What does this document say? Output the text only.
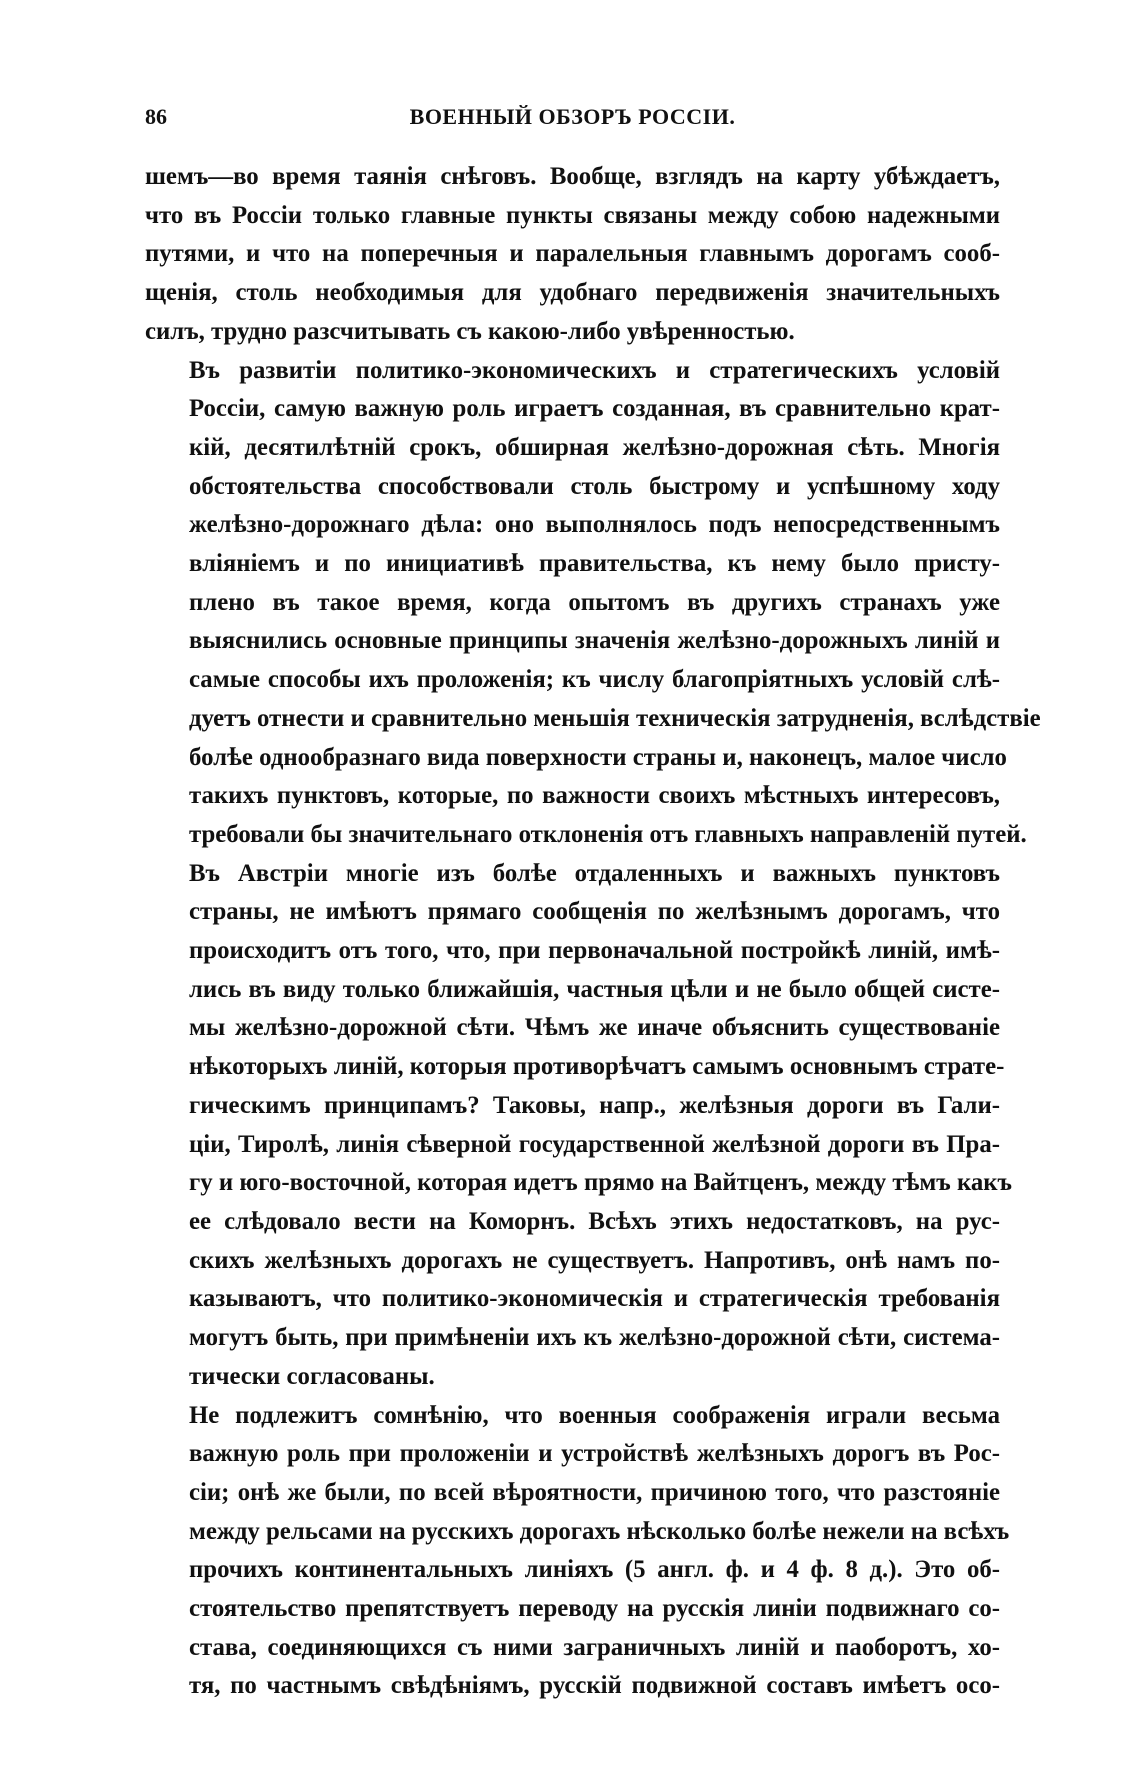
86	ВОЕННЫЙ ОБЗОРЪ РОССІИ.
шемъ—во время таянія снѣговъ. Вообще, взглядъ на карту убѣждаетъ,
что въ Россіи только главные пункты связаны между собою надежными
путями, и что на поперечныя и паралельныя главнымъ дорогамъ сооб-
щенія, столь необходимыя для удобнаго передвиженія значительныхъ
силъ, трудно разсчитывать съ какою-либо увѣренностью.
Въ развитіи политико-экономическихъ и стратегическихъ условій
Россіи, самую важную роль играетъ созданная, въ сравнительно крат-
кій, десятилѣтній срокъ, обширная желѣзно-дорожная сѣть. Многія
обстоятельства способствовали столь быстрому и успѣшному ходу
желѣзно-дорожнаго дѣла: оно выполнялось подъ непосредственнымъ
вліяніемъ и по инициативѣ правительства, къ нему было присту-
плено въ такое время, когда опытомъ въ другихъ странахъ уже
выяснились основные принципы значенія желѣзно-дорожныхъ линій и
самые способы ихъ проложенія; къ числу благопріятныхъ условій слѣ-
дуетъ отнести и сравнительно меньшія техническія затрудненія, вслѣдствіе
болѣе однообразнаго вида поверхности страны и, наконецъ, малое число
такихъ пунктовъ, которые, по важности своихъ мѣстныхъ интересовъ,
требовали бы значительнаго отклоненія отъ главныхъ направленій путей.
Въ Австріи многіе изъ болѣе отдаленныхъ и важныхъ пунктовъ
страны, не имѣютъ прямаго сообщенія по желѣзнымъ дорогамъ, что
происходитъ отъ того, что, при первоначальной постройкѣ линій, имѣ-
лись въ виду только ближайшія, частныя цѣли и не было общей систе-
мы желѣзно-дорожной сѣти. Чѣмъ же иначе объяснить существованіе
нѣкоторыхъ линій, которыя противорѣчатъ самымъ основнымъ страте-
гическимъ принципамъ? Таковы, напр., желѣзныя дороги въ Гали-
ціи, Тиролѣ, линія сѣверной государственной желѣзной дороги въ Пра-
гу и юго-восточной, которая идетъ прямо на Вайтценъ, между тѣмъ какъ
ее слѣдовало вести на Коморнъ. Всѣхъ этихъ недостатковъ, на рус-
скихъ желѣзныхъ дорогахъ не существуетъ. Напротивъ, онѣ намъ по-
казываютъ, что политико-экономическія и стратегическія требованія
могутъ быть, при примѣненіи ихъ къ желѣзно-дорожной сѣти, система-
тически согласованы.
Не подлежитъ сомнѣнію, что военныя соображенія играли весьма
важную роль при проложеніи и устройствѣ желѣзныхъ дорогъ въ Рос-
сіи; онѣ же были, по всей вѣроятности, причиною того, что разстояніе
между рельсами на русскихъ дорогахъ нѣсколько болѣе нежели на всѣхъ
прочихъ континентальныхъ линіяхъ (5 англ. ф. и 4 ф. 8 д.). Это об-
стоятельство препятствуетъ переводу на русскія линіи подвижнаго со-
става, соединяющихся съ ними заграничныхъ линій и паоборотъ, хо-
тя, по частнымъ свѣдѣніямъ, русскій подвижной составъ имѣетъ осо-
